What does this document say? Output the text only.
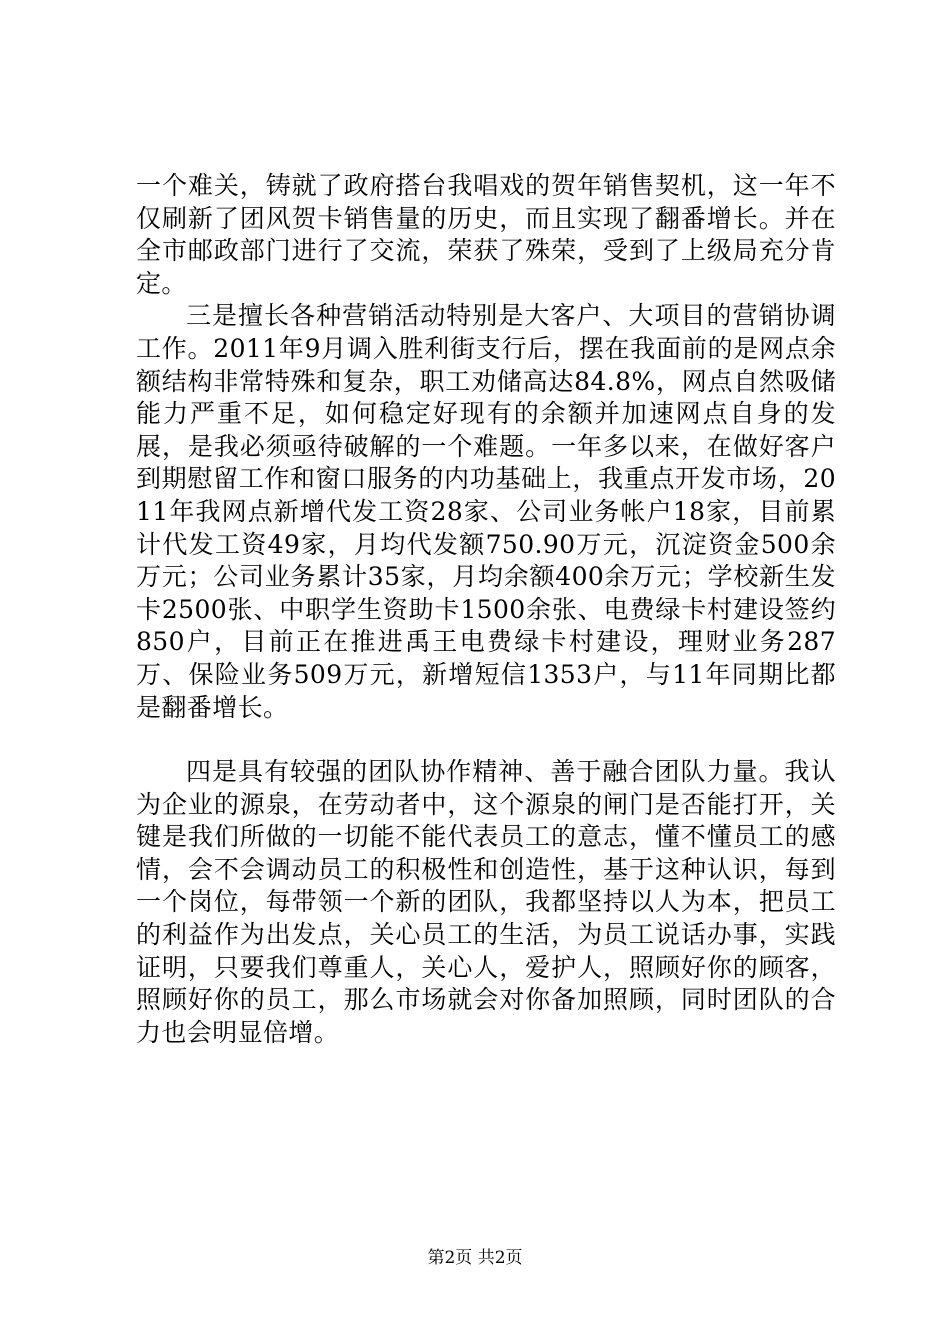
一个难关，铸就了政府搭台我唱戏的贺年销售契机，这一年不仅刷新了团风贺卡销售量的历史，而且实现了翻番增长。并在全市邮政部门进行了交流，荣获了殊荣，受到了上级局充分肯定。

三是擅长各种营销活动特别是大客户、大项目的营销协调工作。2011年9月调入胜利街支行后，摆在我面前的是网点余额结构非常特殊和复杂，职工劝储高达84.8%，网点自然吸储能力严重不足，如何稳定好现有的余额并加速网点自身的发展，是我必须亟待破解的一个难题。一年多以来，在做好客户到期慰留工作和窗口服务的内功基础上，我重点开发市场，2011年我网点新增代发工资28家、公司业务帐户18家，目前累计代发工资49家，月均代发额750.90万元，沉淀资金500余万元；公司业务累计35家，月均余额400余万元；学校新生发卡2500张、中职学生资助卡1500余张、电费绿卡村建设签约850户，目前正在推进禹王电费绿卡村建设，理财业务287万、保险业务509万元，新增短信1353户，与11年同期比都是翻番增长。

四是具有较强的团队协作精神、善于融合团队力量。我认为企业的源泉，在劳动者中，这个源泉的闸门是否能打开，关键是我们所做的一切能不能代表员工的意志，懂不懂员工的感情，会不会调动员工的积极性和创造性，基于这种认识，每到一个岗位，每带领一个新的团队，我都坚持以人为本，把员工的利益作为出发点，关心员工的生活，为员工说话办事，实践证明，只要我们尊重人，关心人，爱护人，照顾好你的顾客，照顾好你的员工，那么市场就会对你备加照顾，同时团队的合力也会明显倍增。

第2页 共2页
